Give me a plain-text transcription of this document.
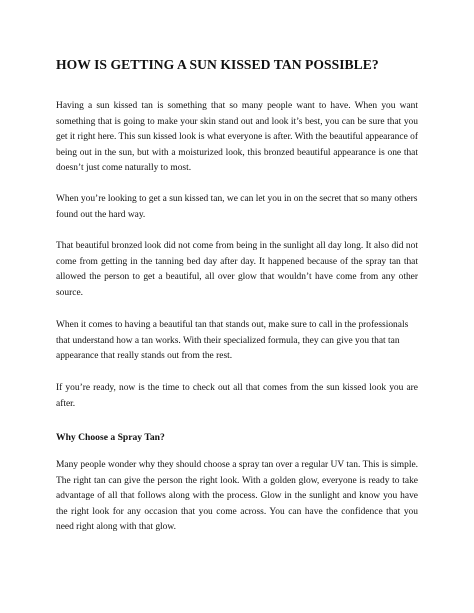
HOW IS GETTING A SUN KISSED TAN POSSIBLE?

Having a sun kissed tan is something that so many people want to have. When you want something that is going to make your skin stand out and look it’s best, you can be sure that you get it right here. This sun kissed look is what everyone is after. With the beautiful appearance of being out in the sun, but with a moisturized look, this bronzed beautiful appearance is one that doesn’t just come naturally to most.

When you’re looking to get a sun kissed tan, we can let you in on the secret that so many others found out the hard way.

That beautiful bronzed look did not come from being in the sunlight all day long. It also did not come from getting in the tanning bed day after day. It happened because of the spray tan that allowed the person to get a beautiful, all over glow that wouldn’t have come from any other source.

When it comes to having a beautiful tan that stands out, make sure to call in the professionals that understand how a tan works. With their specialized formula, they can give you that tan appearance that really stands out from the rest.

If you’re ready, now is the time to check out all that comes from the sun kissed look you are after.

Why Choose a Spray Tan?

Many people wonder why they should choose a spray tan over a regular UV tan. This is simple. The right tan can give the person the right look. With a golden glow, everyone is ready to take advantage of all that follows along with the process. Glow in the sunlight and know you have the right look for any occasion that you come across. You can have the confidence that you need right along with that glow.
